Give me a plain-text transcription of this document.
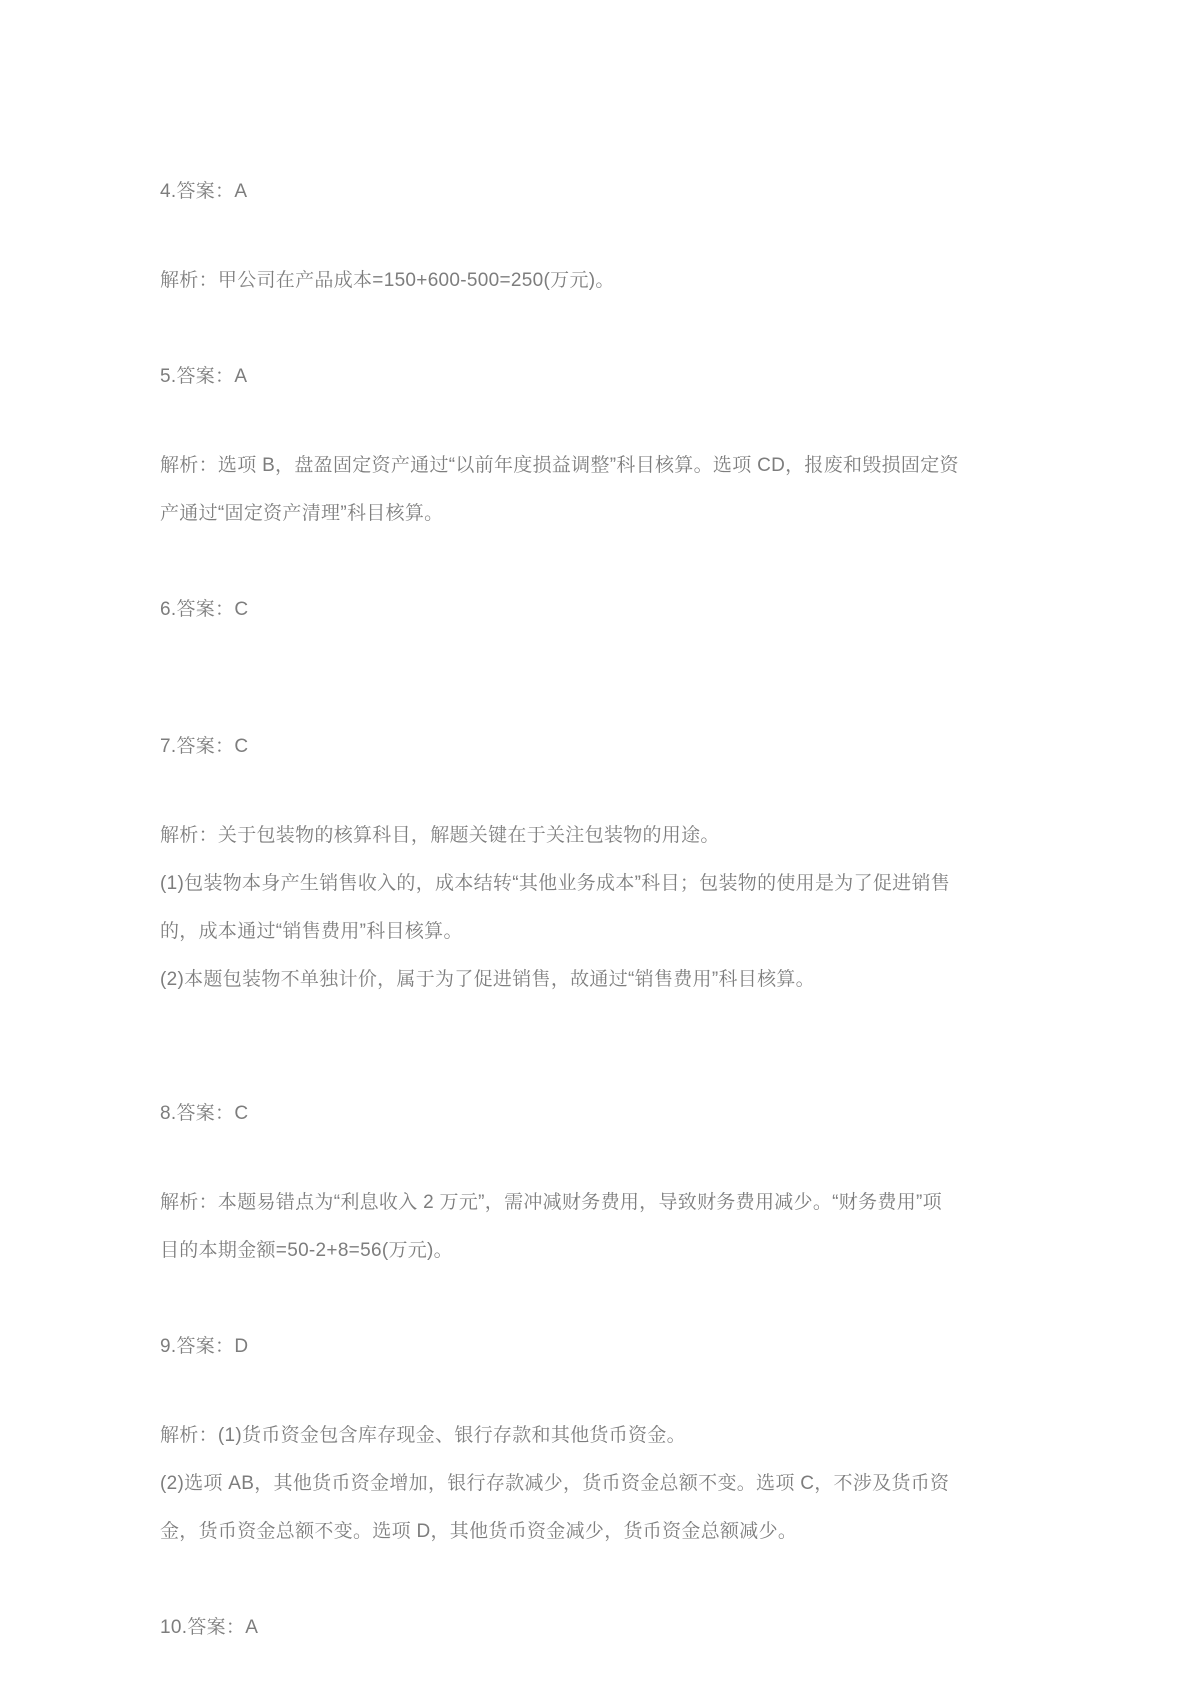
4.答案：A
解析：甲公司在产品成本=150+600-500=250(万元)。
5.答案：A
解析：选项 B，盘盈固定资产通过“以前年度损益调整”科目核算。选项 CD，报废和毁损固定资产通过“固定资产清理”科目核算。
6.答案：C
7.答案：C
解析：关于包装物的核算科目，解题关键在于关注包装物的用途。
(1)包装物本身产生销售收入的，成本结转“其他业务成本”科目；包装物的使用是为了促进销售的，成本通过“销售费用”科目核算。
(2)本题包装物不单独计价，属于为了促进销售，故通过“销售费用”科目核算。
8.答案：C
解析：本题易错点为“利息收入 2 万元”，需冲减财务费用，导致财务费用减少。“财务费用”项目的本期金额=50-2+8=56(万元)。
9.答案：D
解析：(1)货币资金包含库存现金、银行存款和其他货币资金。
(2)选项 AB，其他货币资金增加，银行存款减少，货币资金总额不变。选项 C，不涉及货币资金，货币资金总额不变。选项 D，其他货币资金减少，货币资金总额减少。
10.答案：A
